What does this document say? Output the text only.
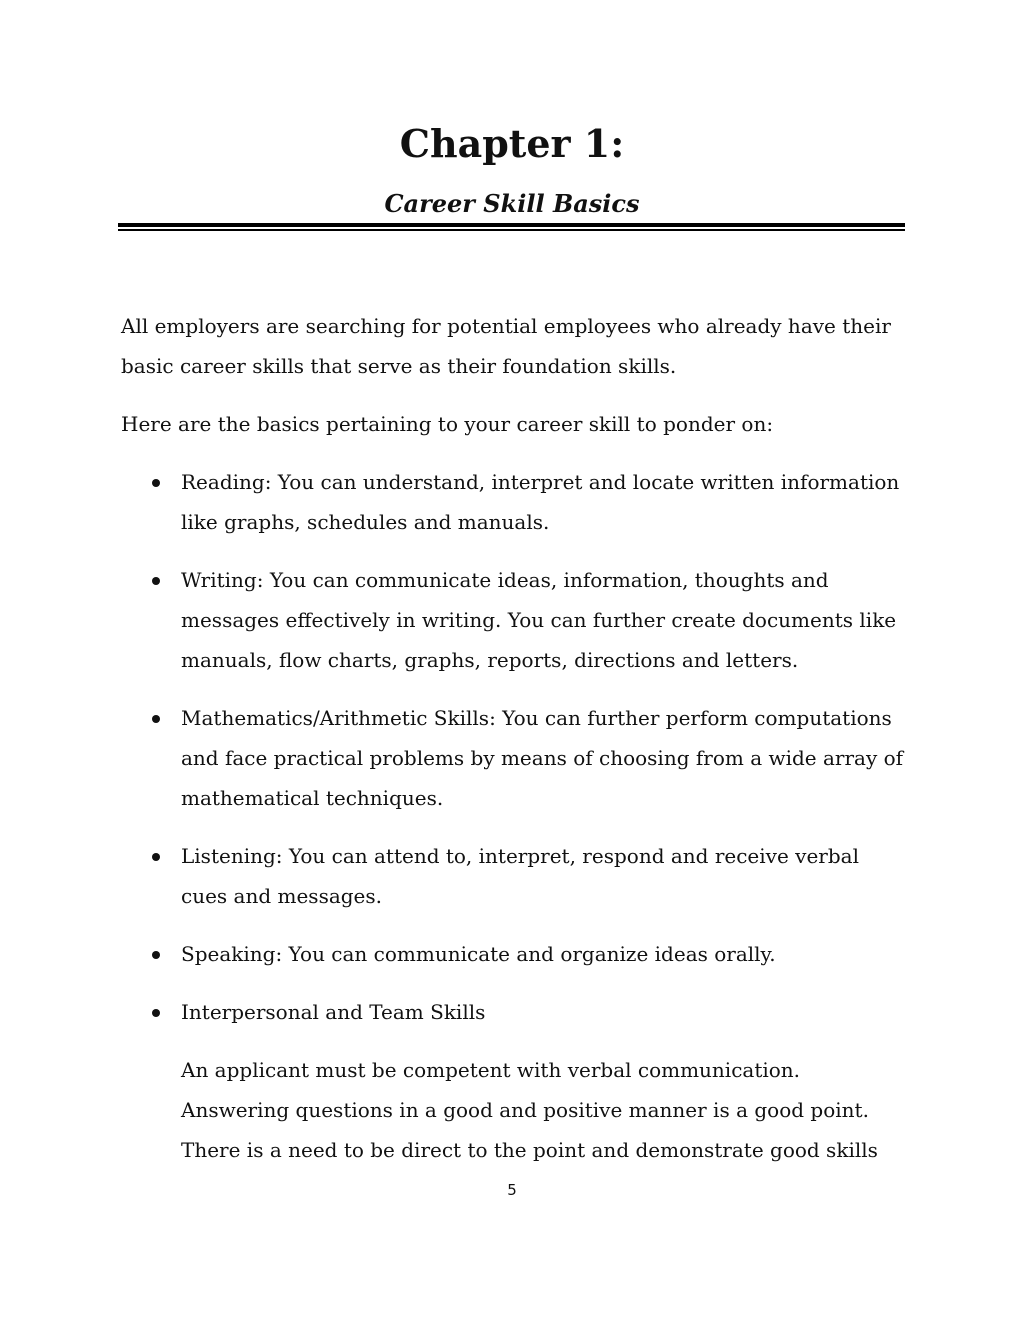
Chapter 1:
Career Skill Basics

All employers are searching for potential employees who already have their basic career skills that serve as their foundation skills.

Here are the basics pertaining to your career skill to ponder on:

Reading: You can understand, interpret and locate written information like graphs, schedules and manuals.
Writing: You can communicate ideas, information, thoughts and messages effectively in writing. You can further create documents like manuals, flow charts, graphs, reports, directions and letters.
Mathematics/Arithmetic Skills: You can further perform computations and face practical problems by means of choosing from a wide array of mathematical techniques.
Listening: You can attend to, interpret, respond and receive verbal cues and messages.
Speaking: You can communicate and organize ideas orally.
Interpersonal and Team Skills

An applicant must be competent with verbal communication. Answering questions in a good and positive manner is a good point. There is a need to be direct to the point and demonstrate good skills

5
